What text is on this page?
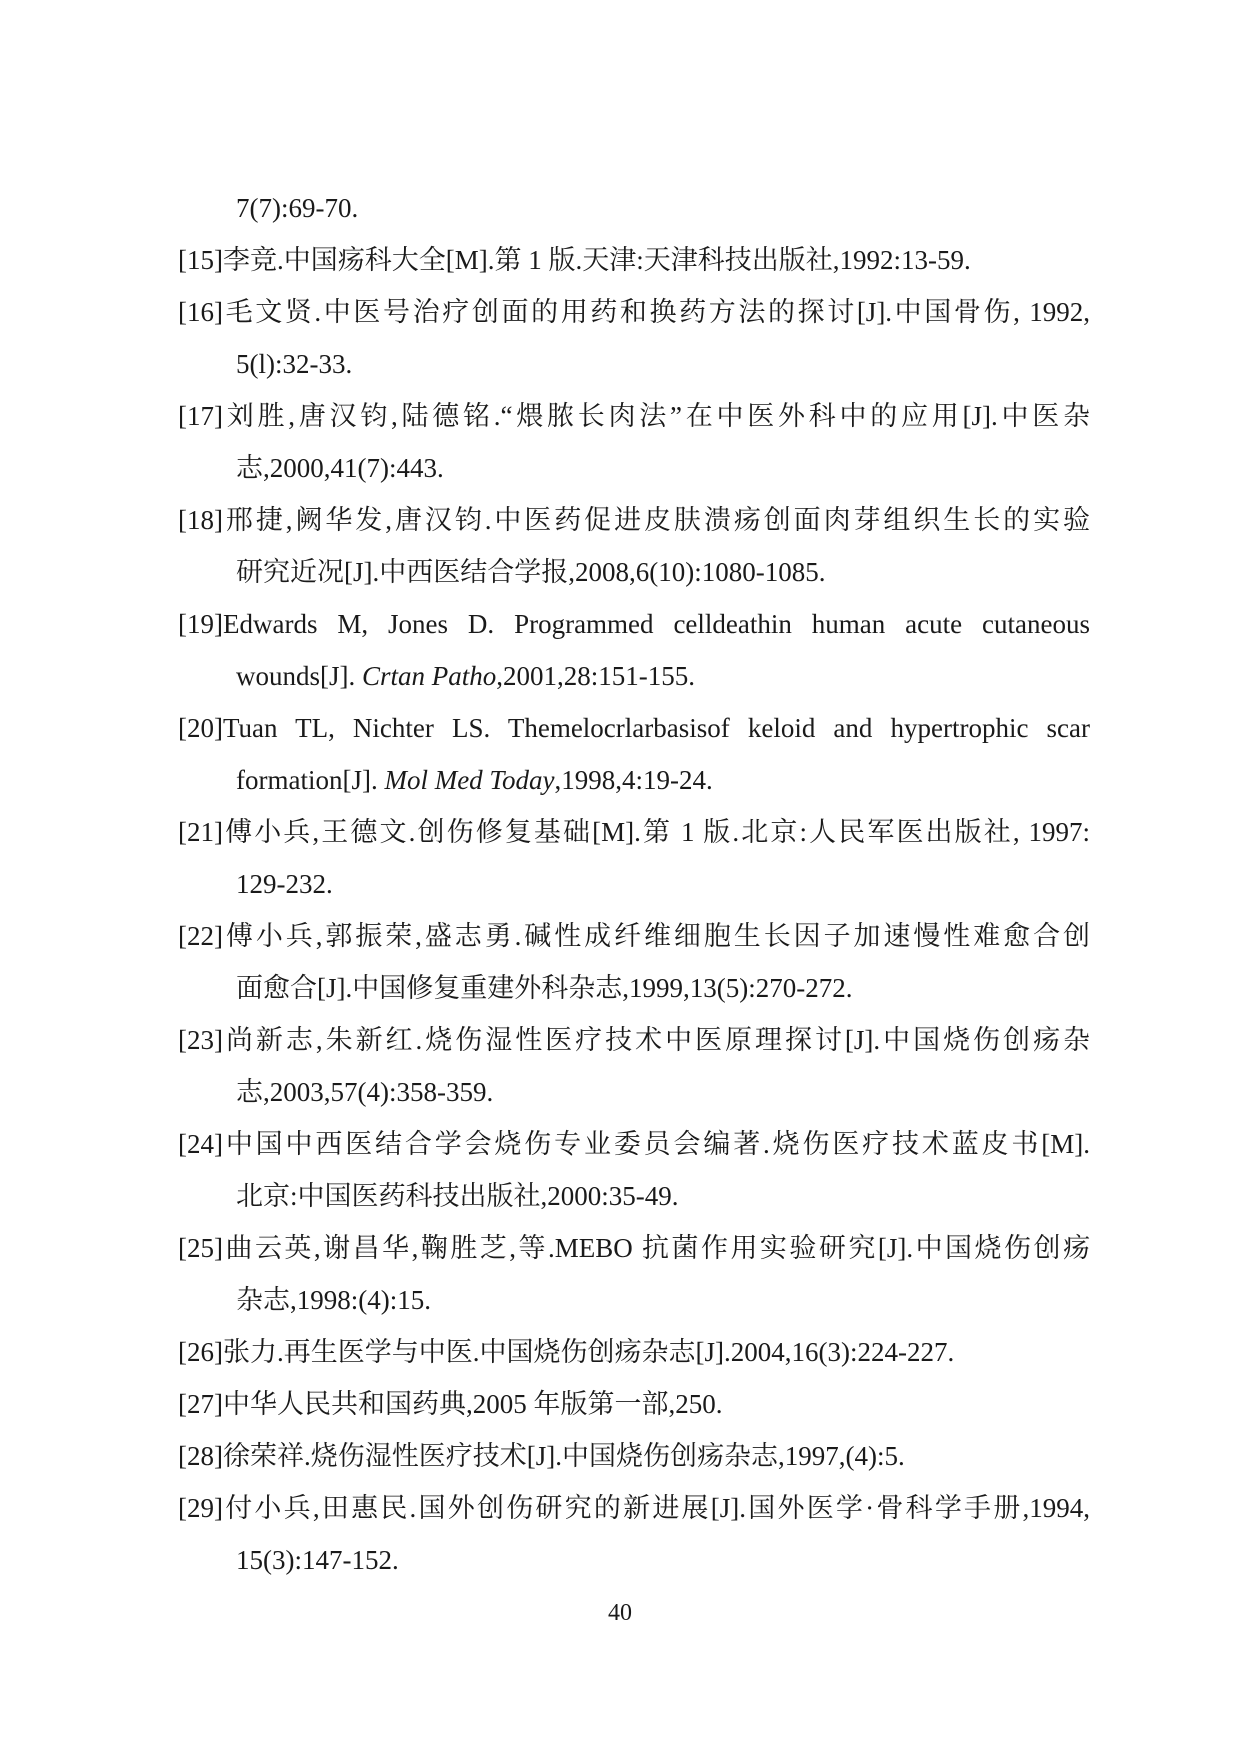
7(7):69-70.
[15]李竞.中国疡科大全[M].第 1 版.天津:天津科技出版社,1992:13-59.
[16]毛文贤.中医号治疗创面的用药和换药方法的探讨[J].中国骨伤, 1992,
5(l):32-33.
[17]刘胜,唐汉钧,陆德铭.“煨脓长肉法”在中医外科中的应用[J].中医杂
志,2000,41(7):443.
[18]邢捷,阙华发,唐汉钧.中医药促进皮肤溃疡创面肉芽组织生长的实验
研究近况[J].中西医结合学报,2008,6(10):1080-1085.
[19]Edwards M, Jones D. Programmed celldeathin human acute cutaneous
wounds[J]. Crtan Patho,2001,28:151-155.
[20]Tuan TL, Nichter LS. Themelocrlarbasisof keloid and hypertrophic scar
formation[J]. Mol Med Today,1998,4:19-24.
[21]傅小兵,王德文.创伤修复基础[M].第 1 版.北京:人民军医出版社, 1997:
129-232.
[22]傅小兵,郭振荣,盛志勇.碱性成纤维细胞生长因子加速慢性难愈合创
面愈合[J].中国修复重建外科杂志,1999,13(5):270-272.
[23]尚新志,朱新红.烧伤湿性医疗技术中医原理探讨[J].中国烧伤创疡杂
志,2003,57(4):358-359.
[24]中国中西医结合学会烧伤专业委员会编著.烧伤医疗技术蓝皮书[M].
北京:中国医药科技出版社,2000:35-49.
[25]曲云英,谢昌华,鞠胜芝,等.MEBO 抗菌作用实验研究[J].中国烧伤创疡
杂志,1998:(4):15.
[26]张力.再生医学与中医.中国烧伤创疡杂志[J].2004,16(3):224-227.
[27]中华人民共和国药典,2005 年版第一部,250.
[28]徐荣祥.烧伤湿性医疗技术[J].中国烧伤创疡杂志,1997,(4):5.
[29]付小兵,田惠民.国外创伤研究的新进展[J].国外医学·骨科学手册,1994,
15(3):147-152.
40
